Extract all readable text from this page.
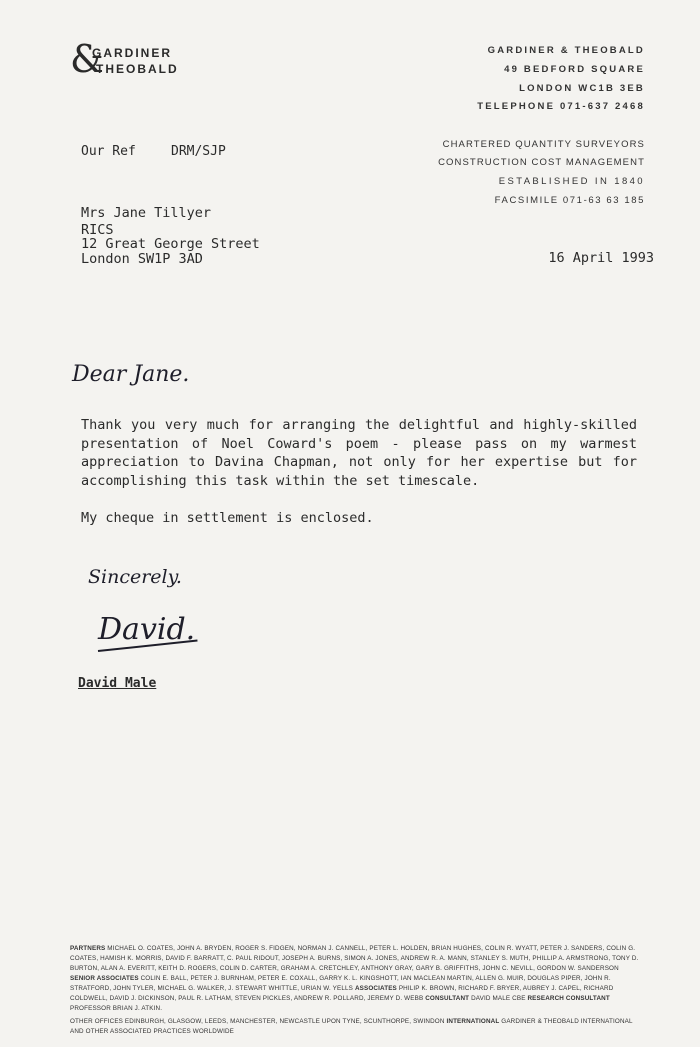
&
GARDINER
THEOBALD
GARDINER & THEOBALD
49 BEDFORD SQUARE
LONDON WC1B 3EB
TELEPHONE 071-637 2468
CHARTERED QUANTITY SURVEYORS
CONSTRUCTION COST MANAGEMENT
ESTABLISHED IN 1840
FACSIMILE 071-63 63 185
Our Ref	DRM/SJP
Mrs Jane Tillyer
RICS
12 Great George Street
London SW1P 3AD	16 April 1993
Dear Jane.
Thank you very much for arranging the delightful and highly-skilled presentation of Noel Coward's poem - please pass on my warmest appreciation to Davina Chapman, not only for her expertise but for accomplishing this task within the set timescale.
My cheque in settlement is enclosed.
Sincerely.
David.
David Male

PARTNERS MICHAEL O. COATES, JOHN A. BRYDEN, ROGER S. FIDGEN, NORMAN J. CANNELL, PETER L. HOLDEN, BRIAN HUGHES, COLIN R. WYATT, PETER J. SANDERS, COLIN G. COATES, HAMISH K. MORRIS, DAVID F. BARRATT, C. PAUL RIDOUT, JOSEPH A. BURNS, SIMON A. JONES, ANDREW R. A. MANN, STANLEY S. MUTH, PHILLIP A. ARMSTRONG, TONY D. BURTON, ALAN A. EVERITT, KEITH D. ROGERS, COLIN D. CARTER, GRAHAM A. CRETCHLEY, ANTHONY GRAY, GARY B. GRIFFITHS, JOHN C. NEVILL, GORDON W. SANDERSON SENIOR ASSOCIATES COLIN E. BALL, PETER J. BURNHAM, PETER E. COXALL, GARRY K. L. KINGSHOTT, IAN MACLEAN MARTIN, ALLEN G. MUIR, DOUGLAS PIPER, JOHN R. STRATFORD, JOHN TYLER, MICHAEL G. WALKER, J. STEWART WHITTLE, URIAN W. YELLS ASSOCIATES PHILIP K. BROWN, RICHARD F. BRYER, AUBREY J. CAPEL, RICHARD COLDWELL, DAVID J. DICKINSON, PAUL R. LATHAM, STEVEN PICKLES, ANDREW R. POLLARD, JEREMY D. WEBB CONSULTANT DAVID MALE CBE RESEARCH CONSULTANT PROFESSOR BRIAN J. ATKIN.

OTHER OFFICES EDINBURGH, GLASGOW, LEEDS, MANCHESTER, NEWCASTLE UPON TYNE, SCUNTHORPE, SWINDON INTERNATIONAL GARDINER & THEOBALD INTERNATIONAL AND OTHER ASSOCIATED PRACTICES WORLDWIDE
